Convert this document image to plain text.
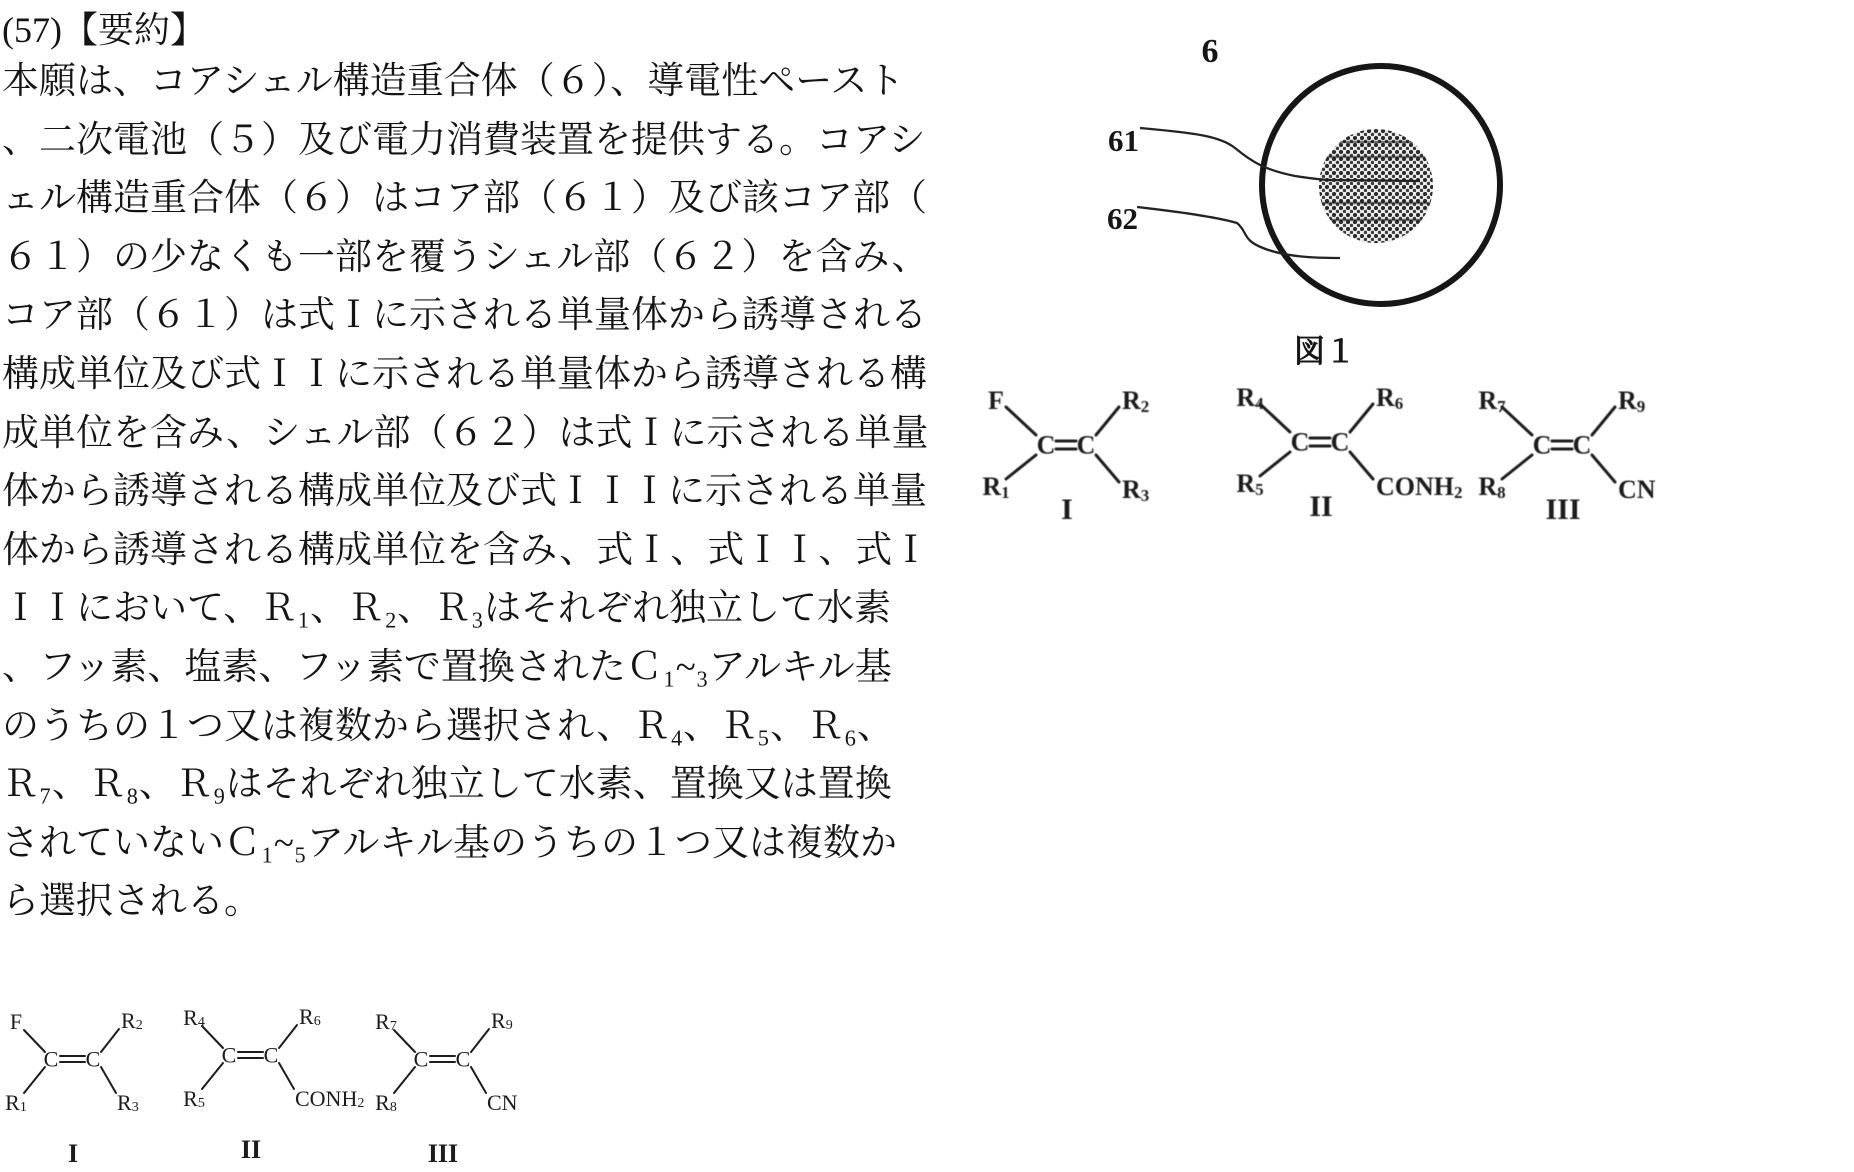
(57)【要約】
本願は、コアシェル構造重合体（６）、導電性ペースト
、二次電池（５）及び電力消費装置を提供する。コアシ
ェル構造重合体（６）はコア部（６１）及び該コア部（
６１）の少なくも一部を覆うシェル部（６２）を含み、
コア部（６１）は式Ｉに示される単量体から誘導される
構成単位及び式ＩＩに示される単量体から誘導される構
成単位を含み、シェル部（６２）は式Ｉに示される単量
体から誘導される構成単位及び式ＩＩＩに示される単量
体から誘導される構成単位を含み、式Ｉ、式ＩＩ、式Ｉ
ＩＩにおいて、Ｒ₁、Ｒ₂、Ｒ₃はそれぞれ独立して水素
、フッ素、塩素、フッ素で置換されたＣ₁~₃アルキル基
のうちの１つ又は複数から選択され、Ｒ₄、Ｒ₅、Ｒ₆、
Ｒ₇、Ｒ₈、Ｒ₉はそれぞれ独立して水素、置換又は置換
されていないＣ₁~₅アルキル基のうちの１つ又は複数か
ら選択される。
6
61
62
図１
C C
F
$R_1$
$R_2$
$R_3$
I
C C
$R_4$
$R_5$
$R_6$
$CONH_2$
II
C C
$R_7$
$R_8$
$R_9$
CN
III
C C
F
$R_1$
$R_2$
$R_3$
I
C C
$R_4$
$R_5$
$R_6$
$CONH_2$
II
C C
$R_7$
$R_8$
$R_9$
CN
III
